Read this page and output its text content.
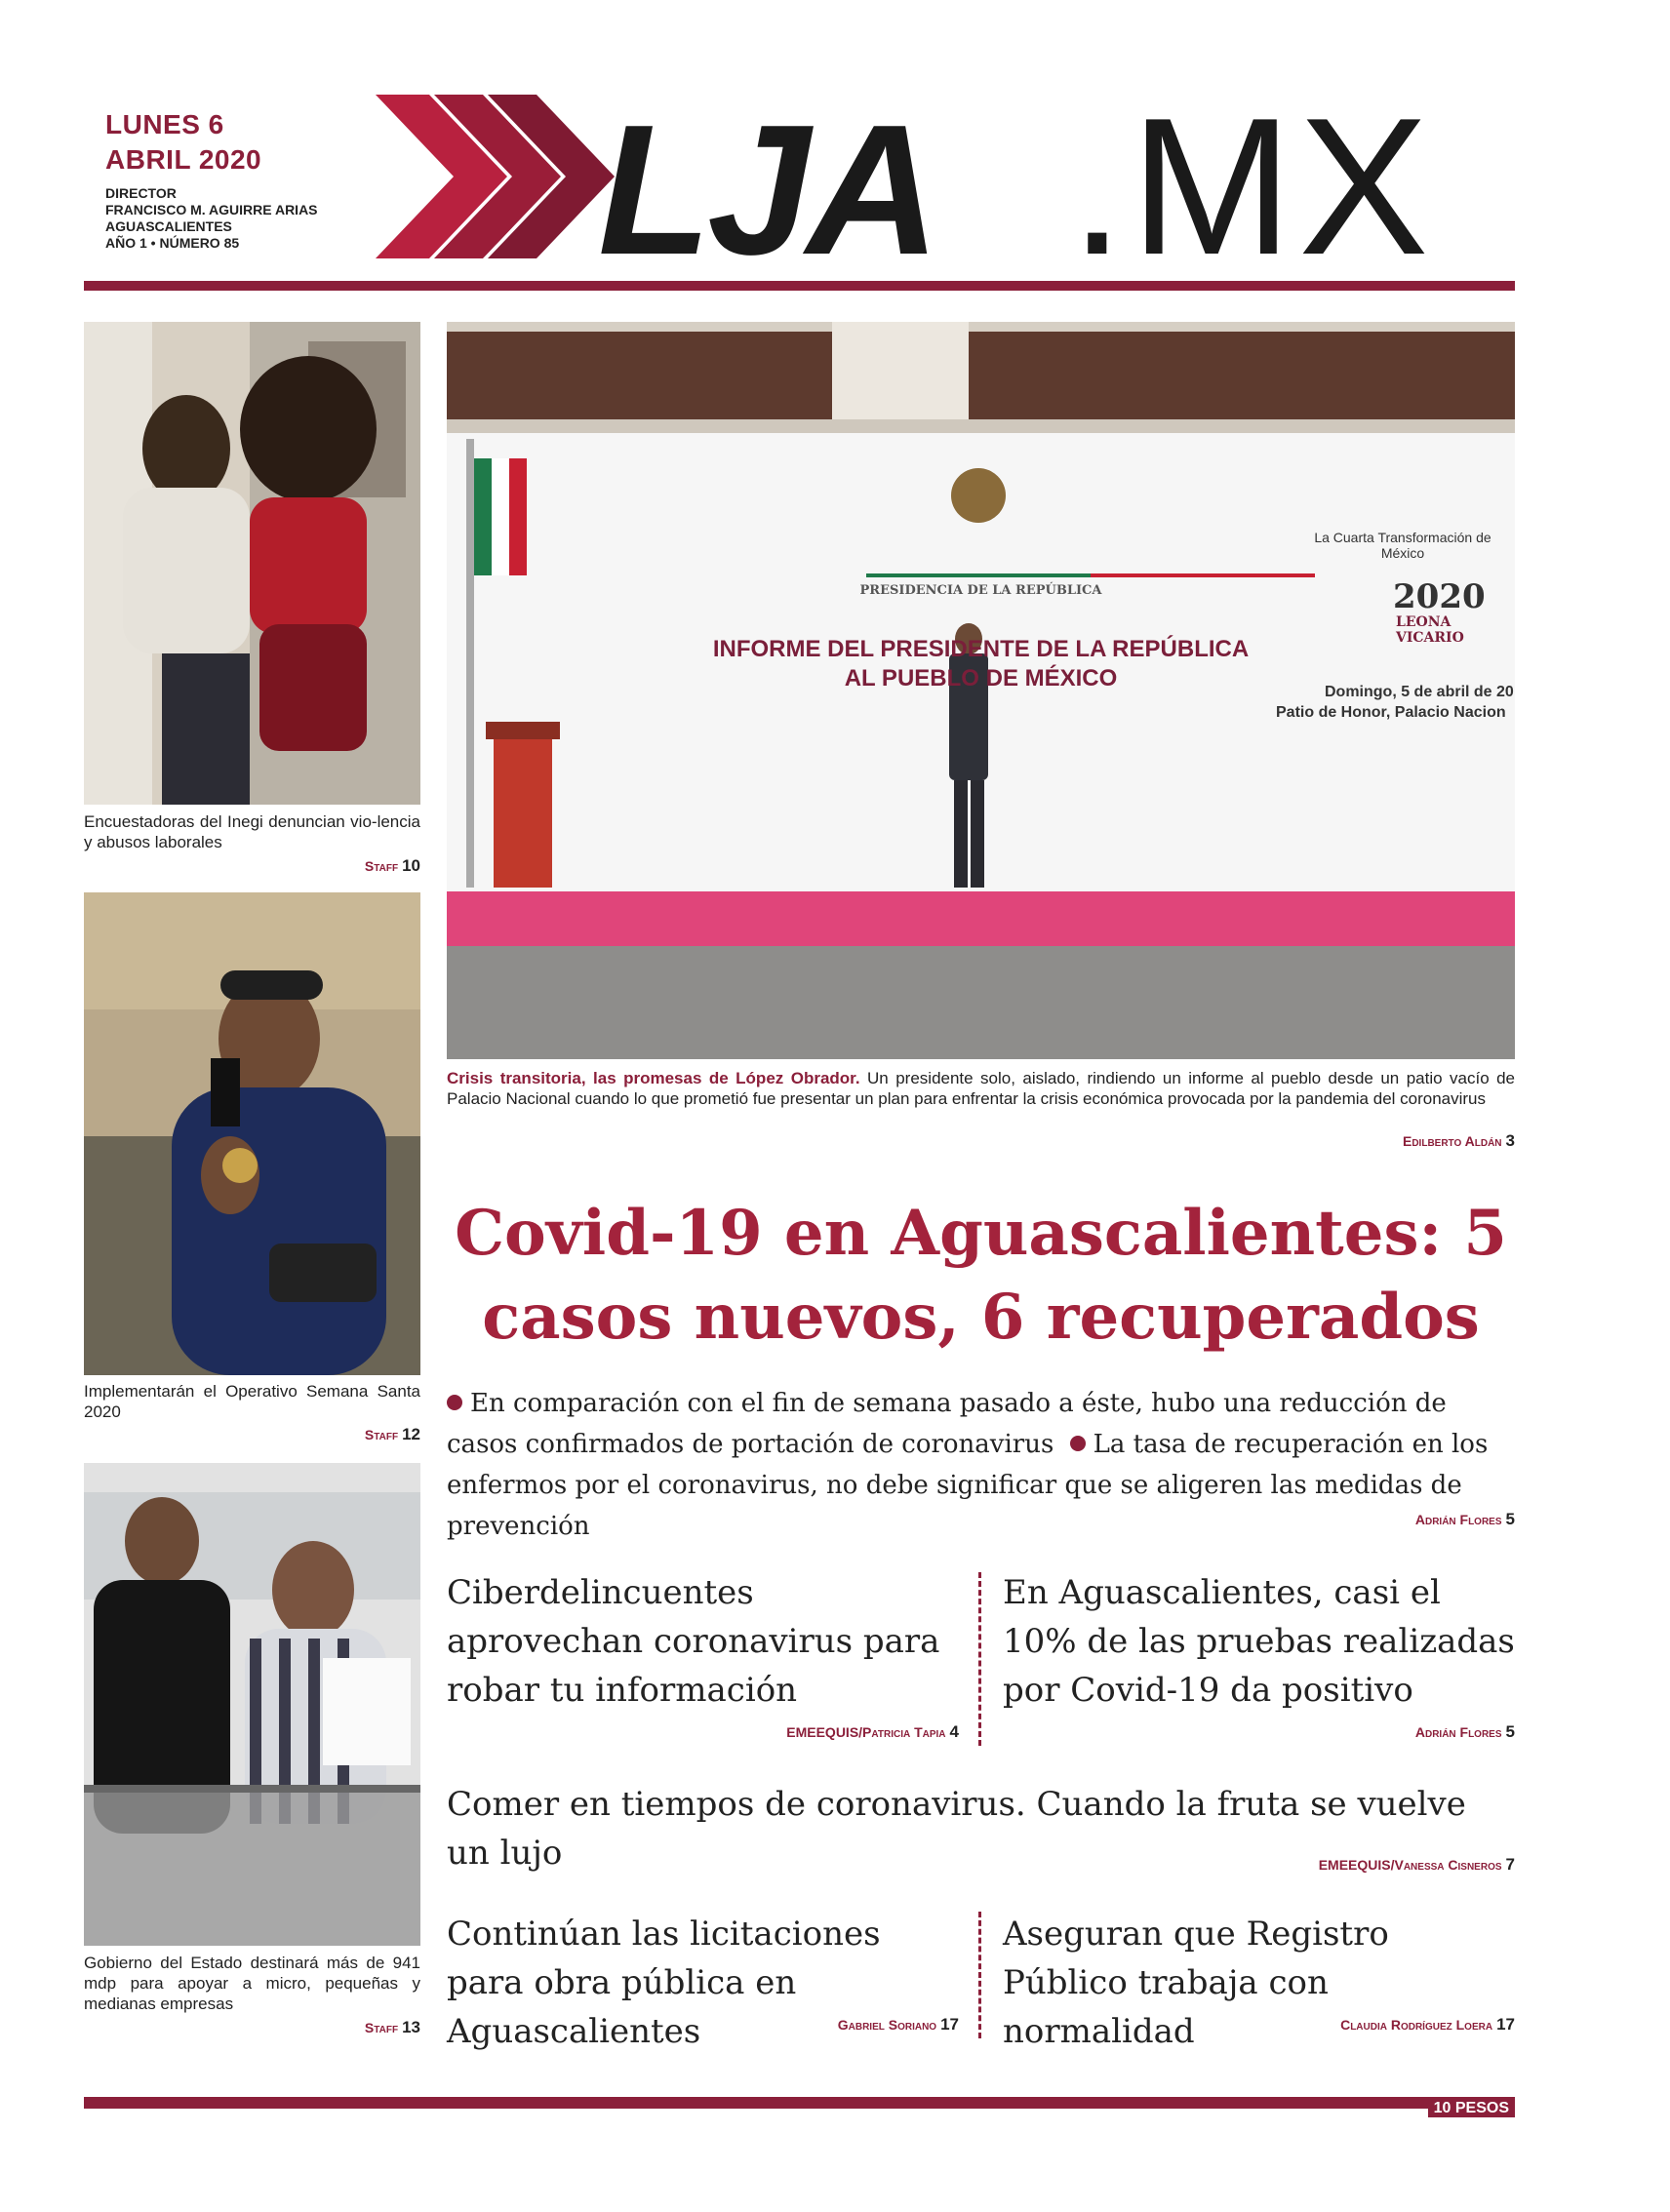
LUNES 6
ABRIL 2020
DIRECTOR
FRANCISCO M. AGUIRRE ARIAS
AGUASCALIENTES
AÑO 1 • NÚMERO 85	LJA .MX
Encuestadoras del Inegi denuncian vio-lencia y abusos laborales
Staff 10
Implementarán el Operativo Semana Santa 2020
Staff 12
Gobierno del Estado destinará más de 941 mdp para apoyar a micro, pequeñas y medianas empresas
Staff 13
PRESIDENCIA DE LA REPÚBLICA
INFORME DEL PRESIDENTE DE LA REPÚBLICA
AL PUEBLO DE MÉXICO
La Cuarta Transformación de México
2020
LEONA VICARIO
Domingo, 5 de abril de 20
Patio de Honor, Palacio Nacion
Crisis transitoria, las promesas de López Obrador. Un presidente solo, aislado, rindiendo un informe al pueblo desde un patio vacío de Palacio Nacional cuando lo que prometió fue presentar un plan para enfrentar la crisis económica provocada por la pandemia del coronavirus
Edilberto Aldán 3
Covid-19 en Aguascalientes: 5 casos nuevos, 6 recuperados
En comparación con el fin de semana pasado a éste, hubo una reducción de casos confirmados de portación de coronavirus La tasa de recuperación en los enfermos por el coronavirus, no debe significar que se aligeren las medidas de prevención	Adrián Flores 5
Ciberdelincuentes aprovechan coronavirus para robar tu información
EMEEQUIS/Patricia Tapia 4
En Aguascalientes, casi el 10% de las pruebas realizadas por Covid-19 da positivo
Adrián Flores 5
Comer en tiempos de coronavirus. Cuando la fruta se vuelve un lujo	EMEEQUIS/Vanessa Cisneros 7
Continúan las licitaciones para obra pública en Aguascalientes	Gabriel Soriano 17
Aseguran que Registro Público trabaja con normalidad	Claudia Rodríguez Loera 17
10 PESOS
